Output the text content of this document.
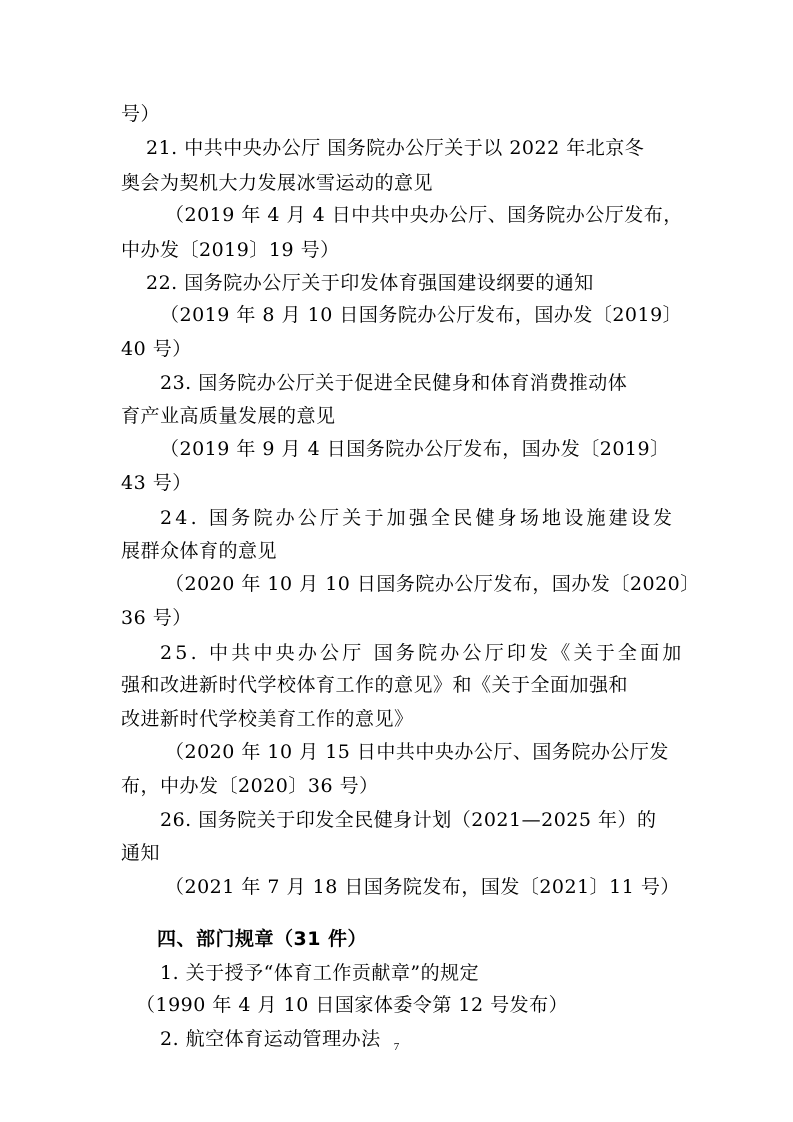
号）
21. 中共中央办公厅 国务院办公厅关于以 2022 年北京冬
奥会为契机大力发展冰雪运动的意见
（2019 年 4 月 4 日中共中央办公厅、国务院办公厅发布，
中办发〔2019〕19 号）
22. 国务院办公厅关于印发体育强国建设纲要的通知
（2019 年 8 月 10 日国务院办公厅发布，国办发〔2019〕
40 号）
23. 国务院办公厅关于促进全民健身和体育消费推动体
育产业高质量发展的意见
（2019 年 9 月 4 日国务院办公厅发布，国办发〔2019〕
43 号）
24. 国务院办公厅关于加强全民健身场地设施建设发
展群众体育的意见
（2020 年 10 月 10 日国务院办公厅发布，国办发〔2020〕
36 号）
25. 中共中央办公厅 国务院办公厅印发《关于全面加
强和改进新时代学校体育工作的意见》和《关于全面加强和
改进新时代学校美育工作的意见》
（2020 年 10 月 15 日中共中央办公厅、国务院办公厅发
布，中办发〔2020〕36 号）
26. 国务院关于印发全民健身计划（2021—2025 年）的
通知
（2021 年 7 月 18 日国务院发布，国发〔2021〕11 号）
四、部门规章（31 件）
1. 关于授予“体育工作贡献章”的规定
（1990 年 4 月 10 日国家体委令第 12 号发布）
2. 航空体育运动管理办法	7
